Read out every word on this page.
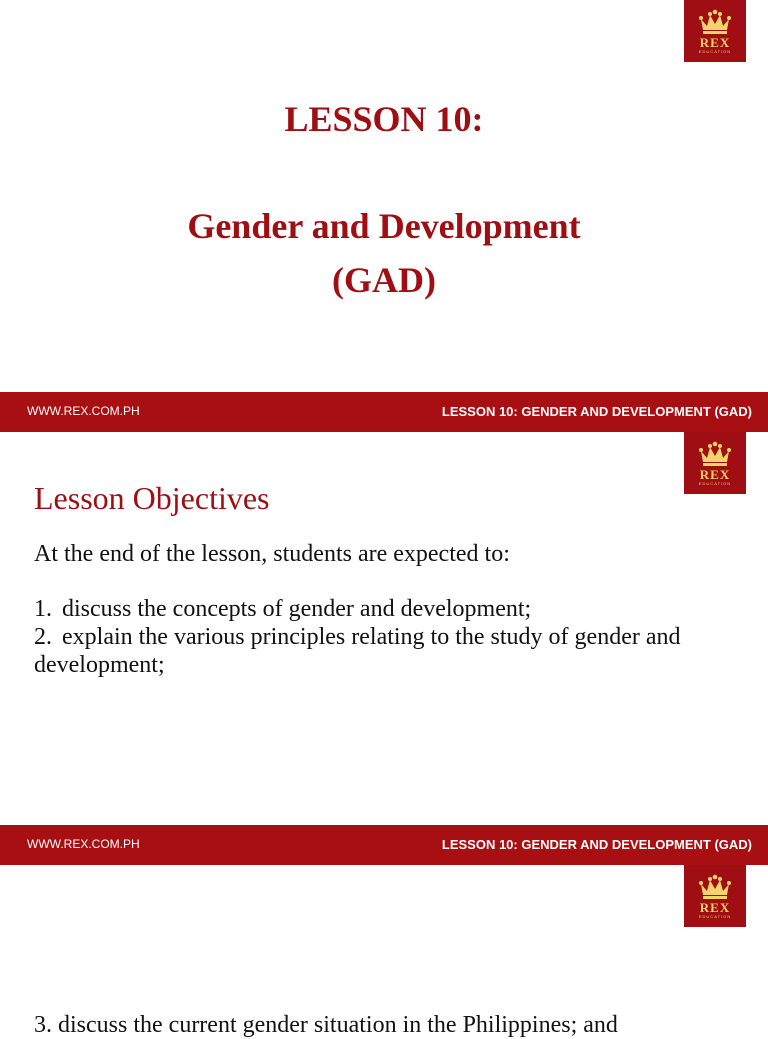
REX
EDUCATION
LESSON 10:
Gender and Development
(GAD)
WWW.REX.COM.PH	LESSON 10: GENDER AND DEVELOPMENT (GAD)
REX
EDUCATION
Lesson Objectives
At the end of the lesson, students are expected to:
1. discuss the concepts of gender and development;
2. explain the various principles relating to the study of gender and development;
WWW.REX.COM.PH	LESSON 10: GENDER AND DEVELOPMENT (GAD)
REX
EDUCATION
3. discuss the current gender situation in the Philippines; and
